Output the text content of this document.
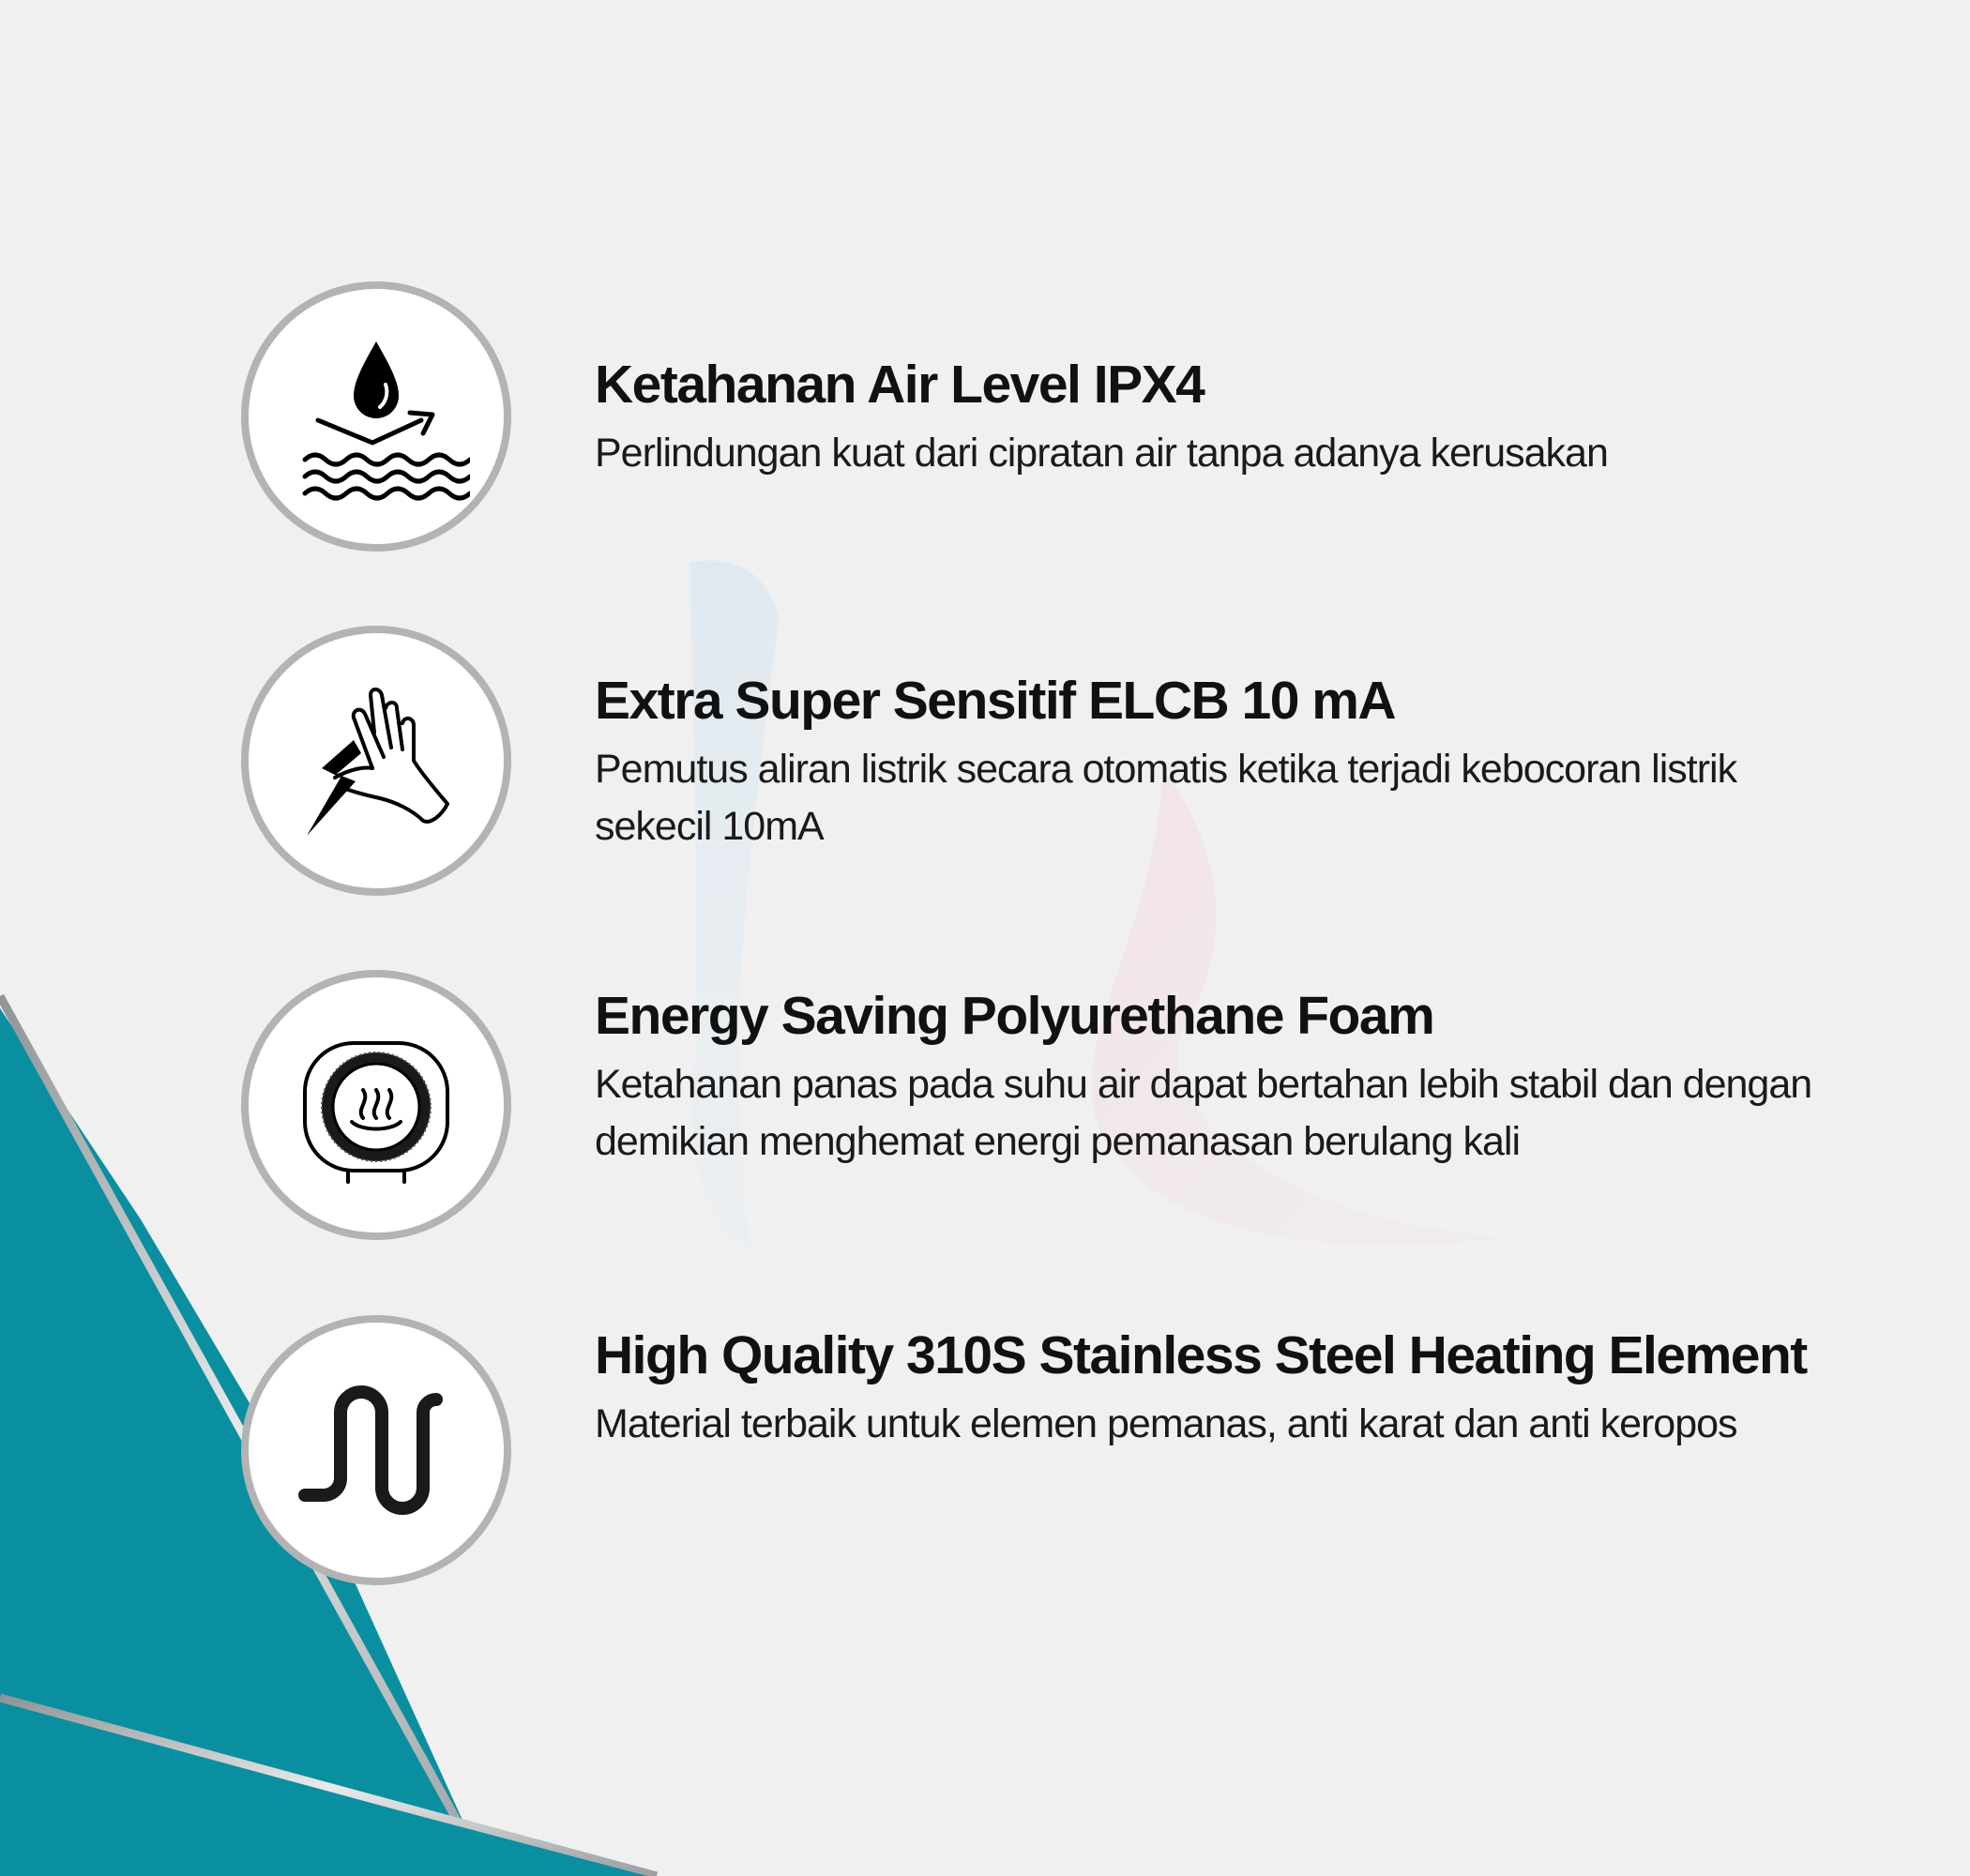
Ketahanan Air Level IPX4

Perlindungan kuat dari cipratan air tanpa adanya kerusakan

Extra Super Sensitif ELCB 10 mA

Pemutus aliran listrik secara otomatis ketika terjadi kebocoran listrik sekecil 10mA

Energy Saving Polyurethane Foam

Ketahanan panas pada suhu air dapat bertahan lebih stabil dan dengan demikian menghemat energi pemanasan berulang kali

High Quality 310S Stainless Steel Heating Element

Material terbaik untuk elemen pemanas, anti karat dan anti keropos
